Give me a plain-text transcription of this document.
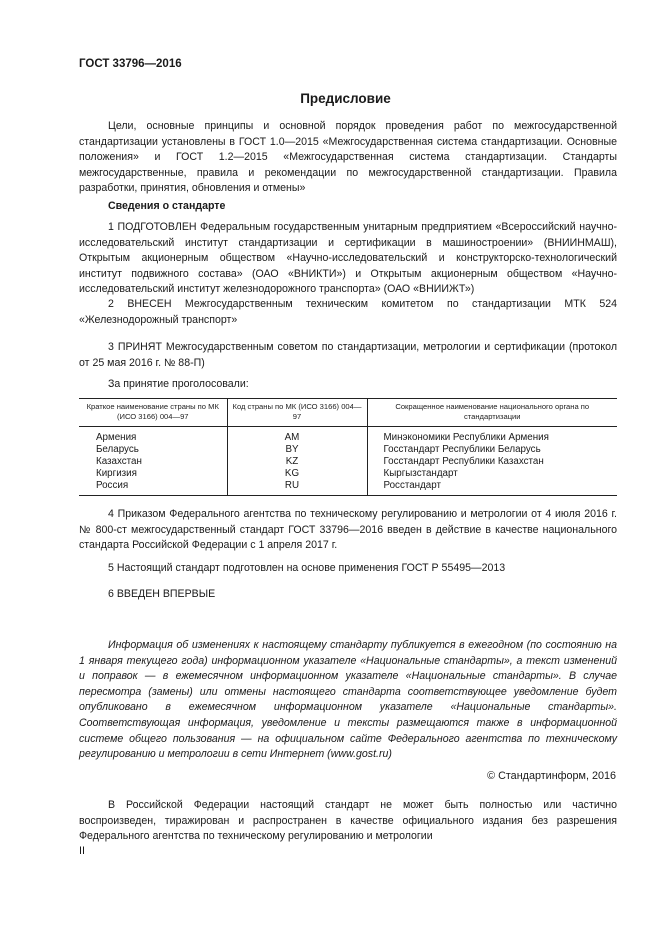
ГОСТ 33796—2016
Предисловие
Цели, основные принципы и основной порядок проведения работ по межгосударственной стандартизации установлены в ГОСТ 1.0—2015 «Межгосударственная система стандартизации. Основные положения» и ГОСТ 1.2—2015 «Межгосударственная система стандартизации. Стандарты межгосударственные, правила и рекомендации по межгосударственной стандартизации. Правила разработки, принятия, обновления и отмены»
Сведения о стандарте
1 ПОДГОТОВЛЕН Федеральным государственным унитарным предприятием «Всероссийский научно-исследовательский институт стандартизации и сертификации в машиностроении» (ВНИИНМАШ), Открытым акционерным обществом «Научно-исследовательский и конструкторско-технологический институт подвижного состава» (ОАО «ВНИКТИ») и Открытым акционерным обществом «Научно-исследовательский институт железнодорожного транспорта» (ОАО «ВНИИЖТ»)
2 ВНЕСЕН Межгосударственным техническим комитетом по стандартизации МТК 524 «Железнодорожный транспорт»
3 ПРИНЯТ Межгосударственным советом по стандартизации, метрологии и сертификации (протокол от 25 мая 2016 г. № 88-П)
За принятие проголосовали:
Краткое наименование страны по МК (ИСО 3166) 004—97	Код страны по МК (ИСО 3166) 004—97	Сокращенное наименование национального органа по стандартизации
Армения	AM	Минэкономики Республики Армения
Беларусь	BY	Госстандарт Республики Беларусь
Казахстан	KZ	Госстандарт Республики Казахстан
Киргизия	KG	Кыргызстандарт
Россия	RU	Росстандарт
4 Приказом Федерального агентства по техническому регулированию и метрологии от 4 июля 2016 г. № 800-ст межгосударственный стандарт ГОСТ 33796—2016 введен в действие в качестве национального стандарта Российской Федерации с 1 апреля 2017 г.
5 Настоящий стандарт подготовлен на основе применения ГОСТ Р 55495—2013
6 ВВЕДЕН ВПЕРВЫЕ
Информация об изменениях к настоящему стандарту публикуется в ежегодном (по состоянию на 1 января текущего года) информационном указателе «Национальные стандарты», а текст изменений и поправок — в ежемесячном информационном указателе «Национальные стандарты». В случае пересмотра (замены) или отмены настоящего стандарта соответствующее уведомление будет опубликовано в ежемесячном информационном указателе «Национальные стандарты». Соответствующая информация, уведомление и тексты размещаются также в информационной системе общего пользования — на официальном сайте Федерального агентства по техническому регулированию и метрологии в сети Интернет (www.gost.ru)
© Стандартинформ, 2016
В Российской Федерации настоящий стандарт не может быть полностью или частично воспроизведен, тиражирован и распространен в качестве официального издания без разрешения Федерального агентства по техническому регулированию и метрологии
II
